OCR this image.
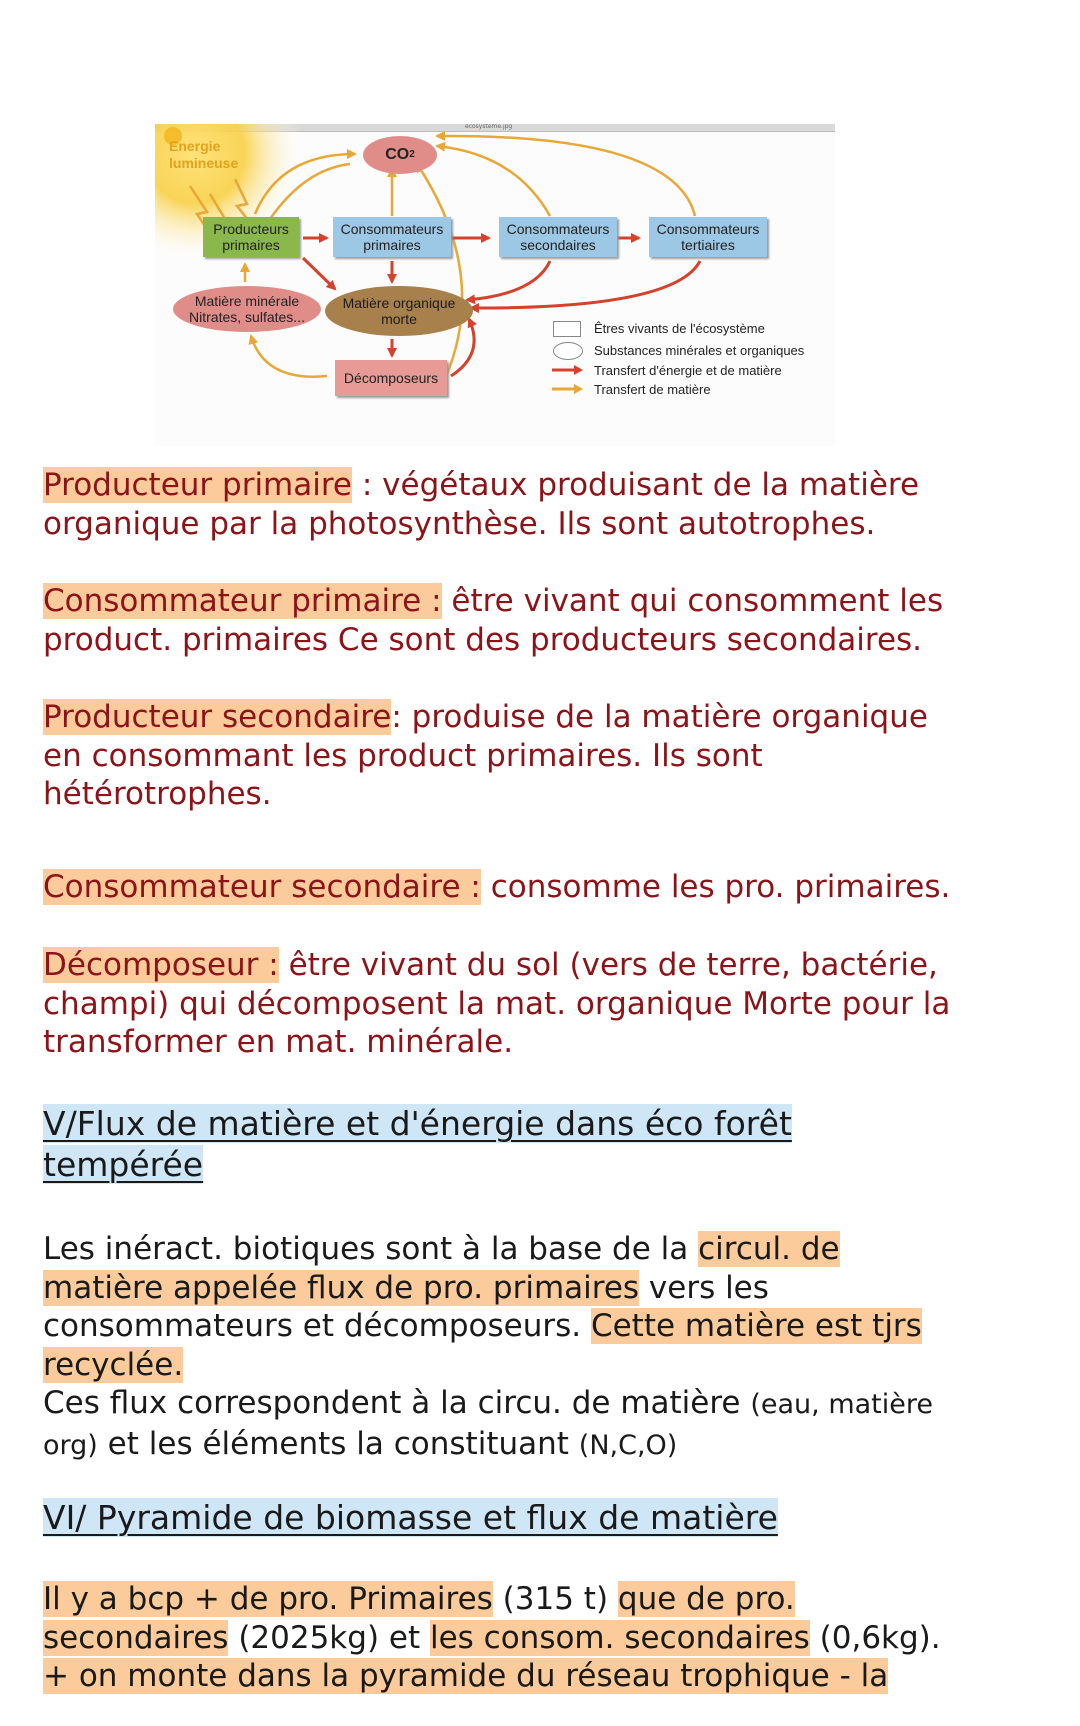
ecosysteme.jpg
Energie
lumineuse	CO 2
Producteurs
primaires
Consommateurs
primaires
Consommateurs
secondaires
Consommateurs
tertiaires
Matière minérale
Nitrates, sulfates...
Matière organique
morte
Décomposeurs
Êtres vivants de l'écosystème
Substances minérales et organiques
Transfert d'énergie et de matière
Transfert de matière
Producteur primaire : végétaux produisant de la matière
organique par la photosynthèse. Ils sont autotrophes.
Consommateur primaire : être vivant qui consomment les
product. primaires Ce sont des producteurs secondaires.
Producteur secondaire: produise de la matière organique
en consommant les product primaires. Ils sont
hétérotrophes.
Consommateur secondaire : consomme les pro. primaires.
Décomposeur : être vivant du sol (vers de terre, bactérie,
champi) qui décomposent la mat. organique Morte pour la
transformer en mat. minérale.
V/Flux de matière et d'énergie dans éco forêt
tempérée
Les inéract. biotiques sont à la base de la circul. de
matière appelée flux de pro. primaires vers les
consommateurs et décomposeurs. Cette matière est tjrs
recyclée.
Ces flux correspondent à la circu. de matière (eau, matière
org) et les éléments la constituant (N,C,O)
VI/ Pyramide de biomasse et flux de matière
Il y a bcp + de pro. Primaires (315 t) que de pro.
secondaires (2025kg) et les consom. secondaires (0,6kg).
+ on monte dans la pyramide du réseau trophique - la
